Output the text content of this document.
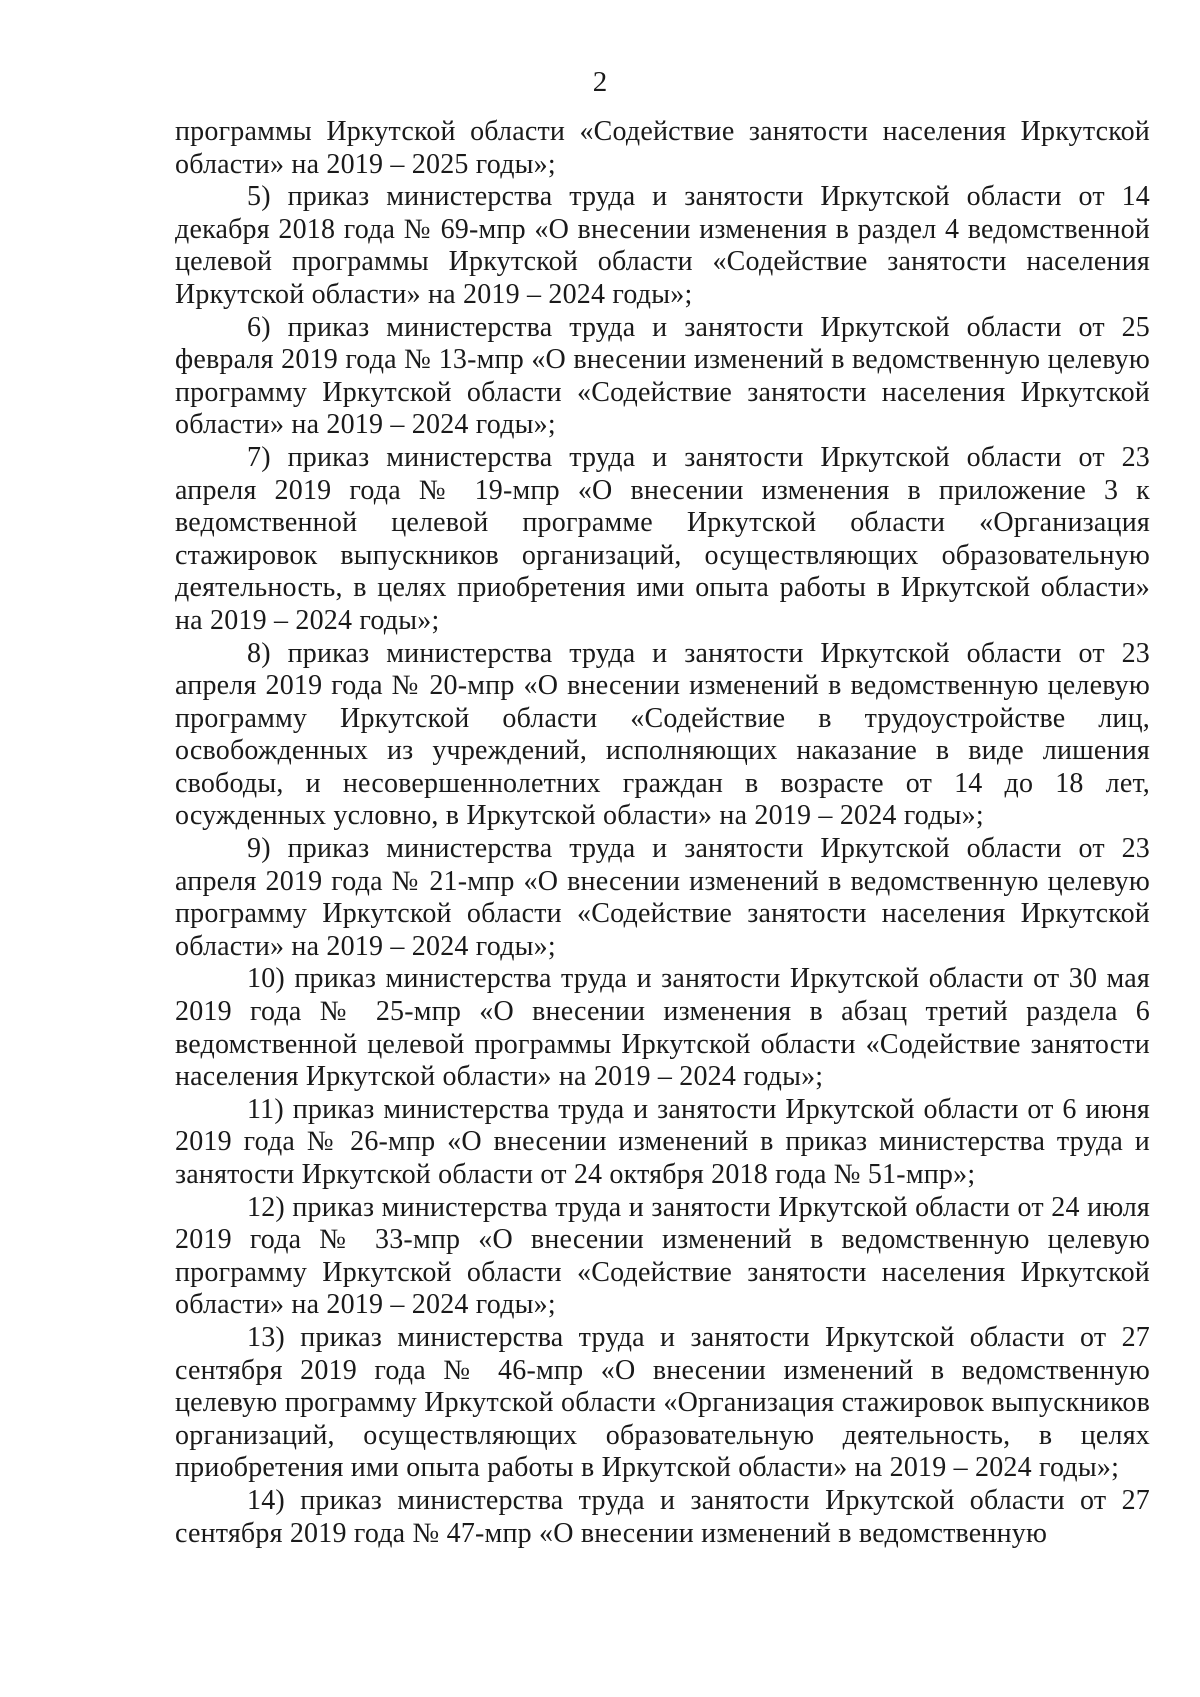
2

программы Иркутской области «Содействие занятости населения Иркутской области» на 2019 – 2025 годы»;

5) приказ министерства труда и занятости Иркутской области от 14 декабря 2018 года № 69-мпр «О внесении изменения в раздел 4 ведомственной целевой программы Иркутской области «Содействие занятости населения Иркутской области» на 2019 – 2024 годы»;

6) приказ министерства труда и занятости Иркутской области от 25 февраля 2019 года № 13-мпр «О внесении изменений в ведомственную целевую программу Иркутской области «Содействие занятости населения Иркутской области» на 2019 – 2024 годы»;

7) приказ министерства труда и занятости Иркутской области от 23 апреля 2019 года № 19-мпр «О внесении изменения в приложение 3 к ведомственной целевой программе Иркутской области «Организация стажировок выпускников организаций, осуществляющих образовательную деятельность, в целях приобретения ими опыта работы в Иркутской области» на 2019 – 2024 годы»;

8) приказ министерства труда и занятости Иркутской области от 23 апреля 2019 года № 20-мпр «О внесении изменений в ведомственную целевую программу Иркутской области «Содействие в трудоустройстве лиц, освобожденных из учреждений, исполняющих наказание в виде лишения свободы, и несовершеннолетних граждан в возрасте от 14 до 18 лет, осужденных условно, в Иркутской области» на 2019 – 2024 годы»;

9) приказ министерства труда и занятости Иркутской области от 23 апреля 2019 года № 21-мпр «О внесении изменений в ведомственную целевую программу Иркутской области «Содействие занятости населения Иркутской области» на 2019 – 2024 годы»;

10) приказ министерства труда и занятости Иркутской области от 30 мая 2019 года № 25-мпр «О внесении изменения в абзац третий раздела 6 ведомственной целевой программы Иркутской области «Содействие занятости населения Иркутской области» на 2019 – 2024 годы»;

11) приказ министерства труда и занятости Иркутской области от 6 июня 2019 года № 26-мпр «О внесении изменений в приказ министерства труда и занятости Иркутской области от 24 октября 2018 года № 51-мпр»;

12) приказ министерства труда и занятости Иркутской области от 24 июля 2019 года № 33-мпр «О внесении изменений в ведомственную целевую программу Иркутской области «Содействие занятости населения Иркутской области» на 2019 – 2024 годы»;

13) приказ министерства труда и занятости Иркутской области от 27 сентября 2019 года № 46-мпр «О внесении изменений в ведомственную целевую программу Иркутской области «Организация стажировок выпускников организаций, осуществляющих образовательную деятельность, в целях приобретения ими опыта работы в Иркутской области» на 2019 – 2024 годы»;

14) приказ министерства труда и занятости Иркутской области от 27 сентября 2019 года № 47-мпр «О внесении изменений в ведомственную
